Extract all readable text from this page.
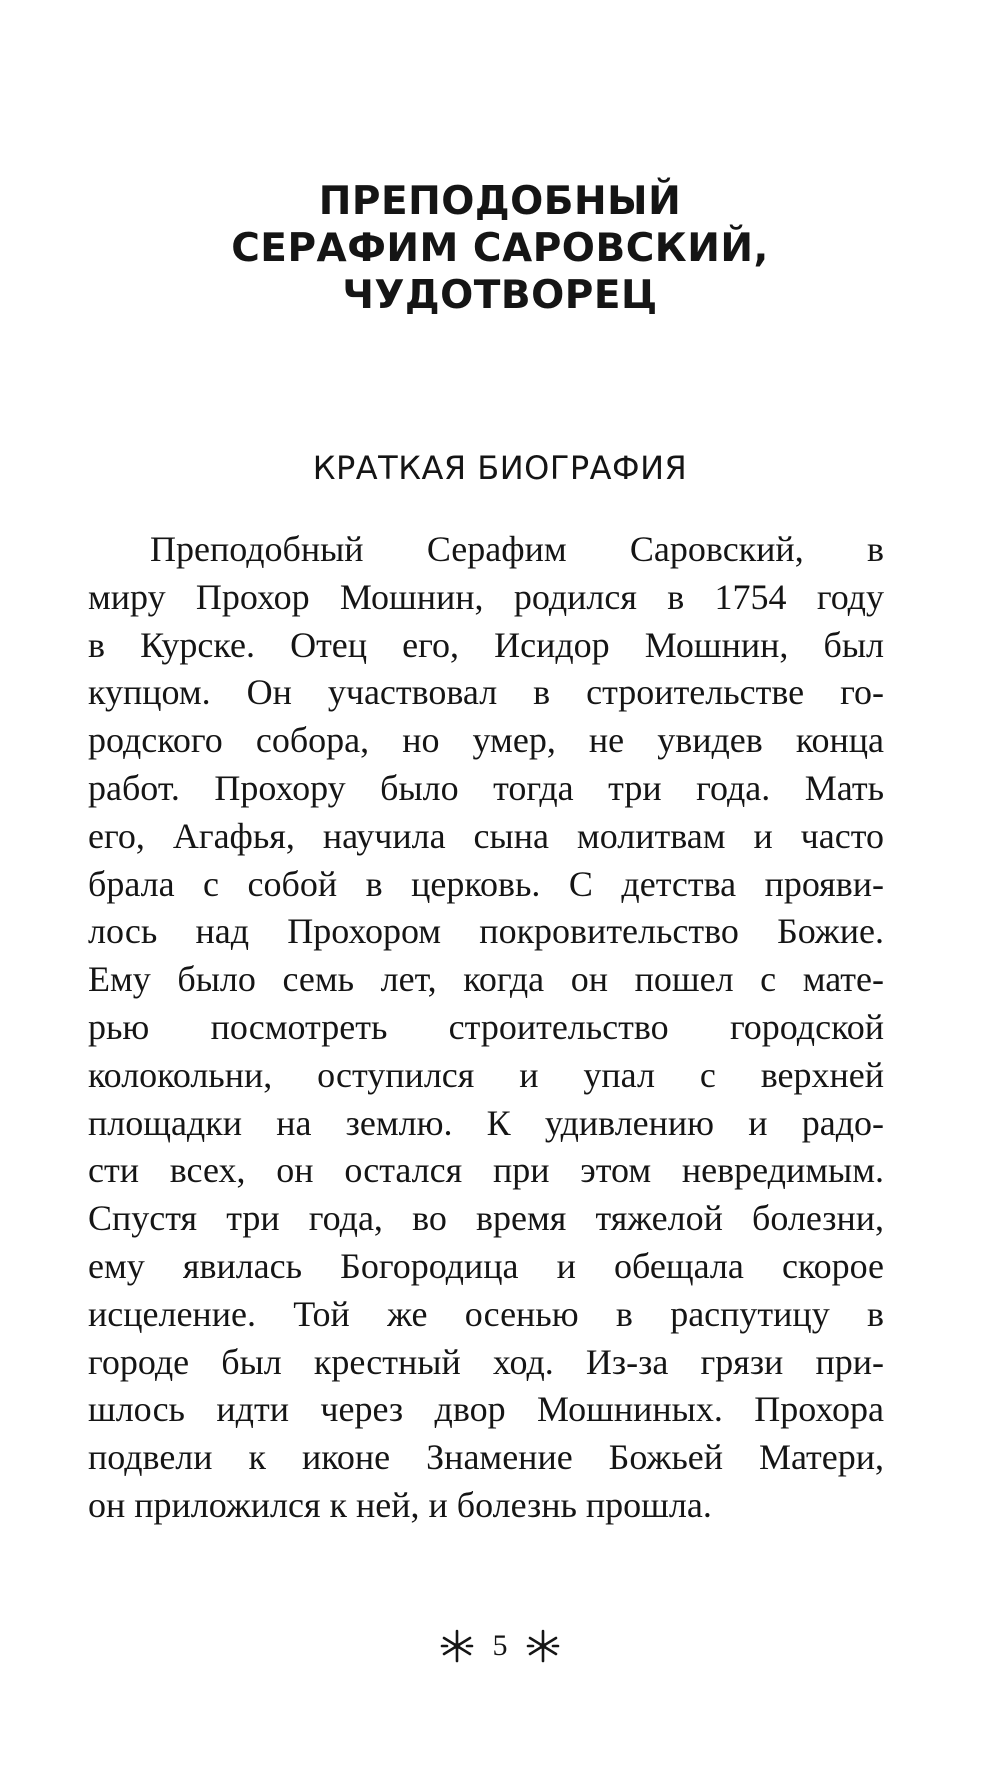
ПРЕПОДОБНЫЙ
СЕРАФИМ САРОВСКИЙ,
ЧУДОТВОРЕЦ
КРАТКАЯ БИОГРАФИЯ
Преподобный Серафим Саровский, в
миру Прохор Мошнин, родился в 1754 году
в Курске. Отец его, Исидор Мошнин, был
купцом. Он участвовал в строительстве го-
родского собора, но умер, не увидев конца
работ. Прохору было тогда три года. Мать
его, Агафья, научила сына молитвам и часто
брала с собой в церковь. С детства прояви-
лось над Прохором покровительство Божие.
Ему было семь лет, когда он пошел с мате-
рью посмотреть строительство городской
колокольни, оступился и упал с верхней
площадки на землю. К удивлению и радо-
сти всех, он остался при этом невредимым.
Спустя три года, во время тяжелой болезни,
ему явилась Богородица и обещала скорое
исцеление. Той же осенью в распутицу в
городе был крестный ход. Из-за грязи при-
шлось идти через двор Мошниных. Прохора
подвели к иконе Знамение Божьей Матери,
он приложился к ней, и болезнь прошла.
5
